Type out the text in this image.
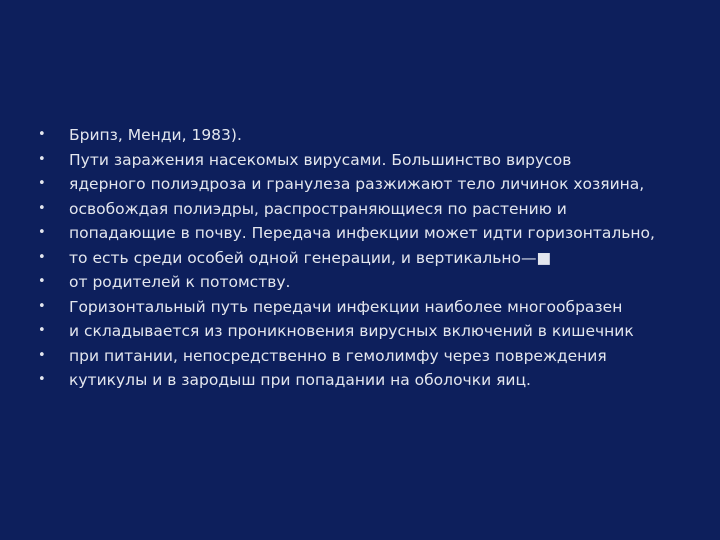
• Брипз, Менди, 1983).
• Пути заражения насекомых вирусами. Большинство вирусов
• ядерного полиэдроза и гранулеза разжижают тело личинок хозяина,
• освобождая полиэдры, распространяющиеся по растению и
• попадающие в почву. Передача инфекции может идти горизонтально,
• то есть среди особей одной генерации, и вертикально—■
• от родителей к потомству.
• Горизонтальный путь передачи инфекции наиболее многообразен
• и складывается из проникновения вирусных включений в кишечник
• при питании, непосредственно в гемолимфу через повреждения
• кутикулы и в зародыш при попадании на оболочки яиц.
